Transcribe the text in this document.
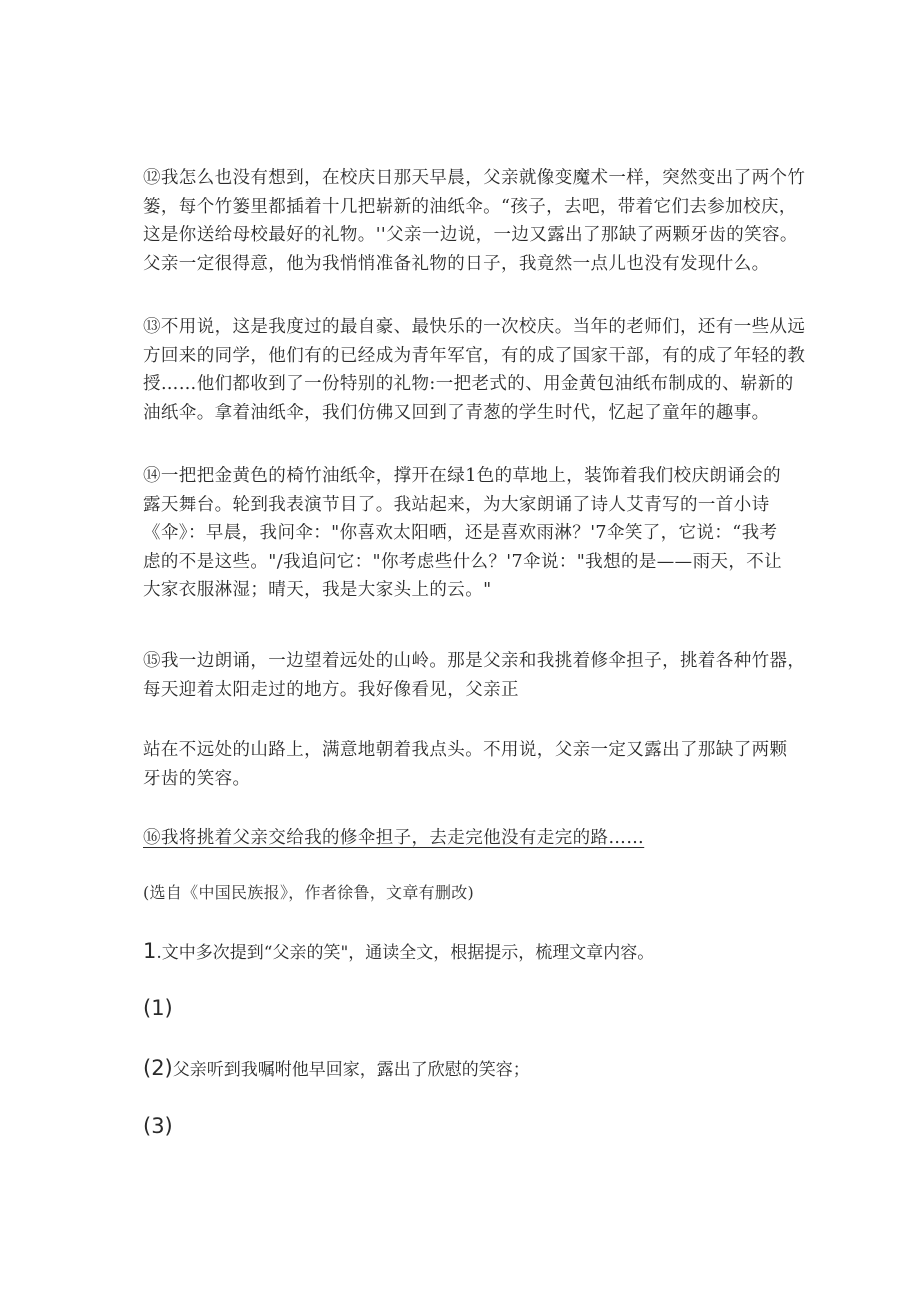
⑫我怎么也没有想到，在校庆日那天早晨，父亲就像变魔术一样，突然变出了两个竹
篓，每个竹篓里都插着十几把崭新的油纸伞。“孩子，去吧，带着它们去参加校庆，
这是你送给母校最好的礼物。''父亲一边说，一边又露出了那缺了两颗牙齿的笑容。
父亲一定很得意，他为我悄悄准备礼物的日子，我竟然一点儿也没有发现什么。
⑬不用说，这是我度过的最自豪、最快乐的一次校庆。当年的老师们，还有一些从远
方回来的同学，他们有的已经成为青年军官，有的成了国家干部，有的成了年轻的教
授……他们都收到了一份特别的礼物:一把老式的、用金黄包油纸布制成的、崭新的
油纸伞。拿着油纸伞，我们仿佛又回到了青葱的学生时代，忆起了童年的趣事。
⑭一把把金黄色的椅竹油纸伞，撑开在绿1色的草地上，装饰着我们校庆朗诵会的
露天舞台。轮到我表演节目了。我站起来，为大家朗诵了诗人艾青写的一首小诗
《伞》：早晨，我问伞："你喜欢太阳晒，还是喜欢雨淋？'7伞笑了，它说：“我考
虑的不是这些。"/我追问它："你考虑些什么？'7伞说："我想的是——雨天，不让
大家衣服淋湿；晴天，我是大家头上的云。"
⑮我一边朗诵，一边望着远处的山岭。那是父亲和我挑着修伞担子，挑着各种竹器，
每天迎着太阳走过的地方。我好像看见，父亲正
站在不远处的山路上，满意地朝着我点头。不用说，父亲一定又露出了那缺了两颗
牙齿的笑容。
⑯我将挑着父亲交给我的修伞担子，去走完他没有走完的路……
(选自《中国民族报》，作者徐鲁，文章有删改)
1.文中多次提到“父亲的笑"，通读全文，根据提示，梳理文章内容。
(1)
(2)父亲听到我嘱咐他早回家，露出了欣慰的笑容；
(3)
